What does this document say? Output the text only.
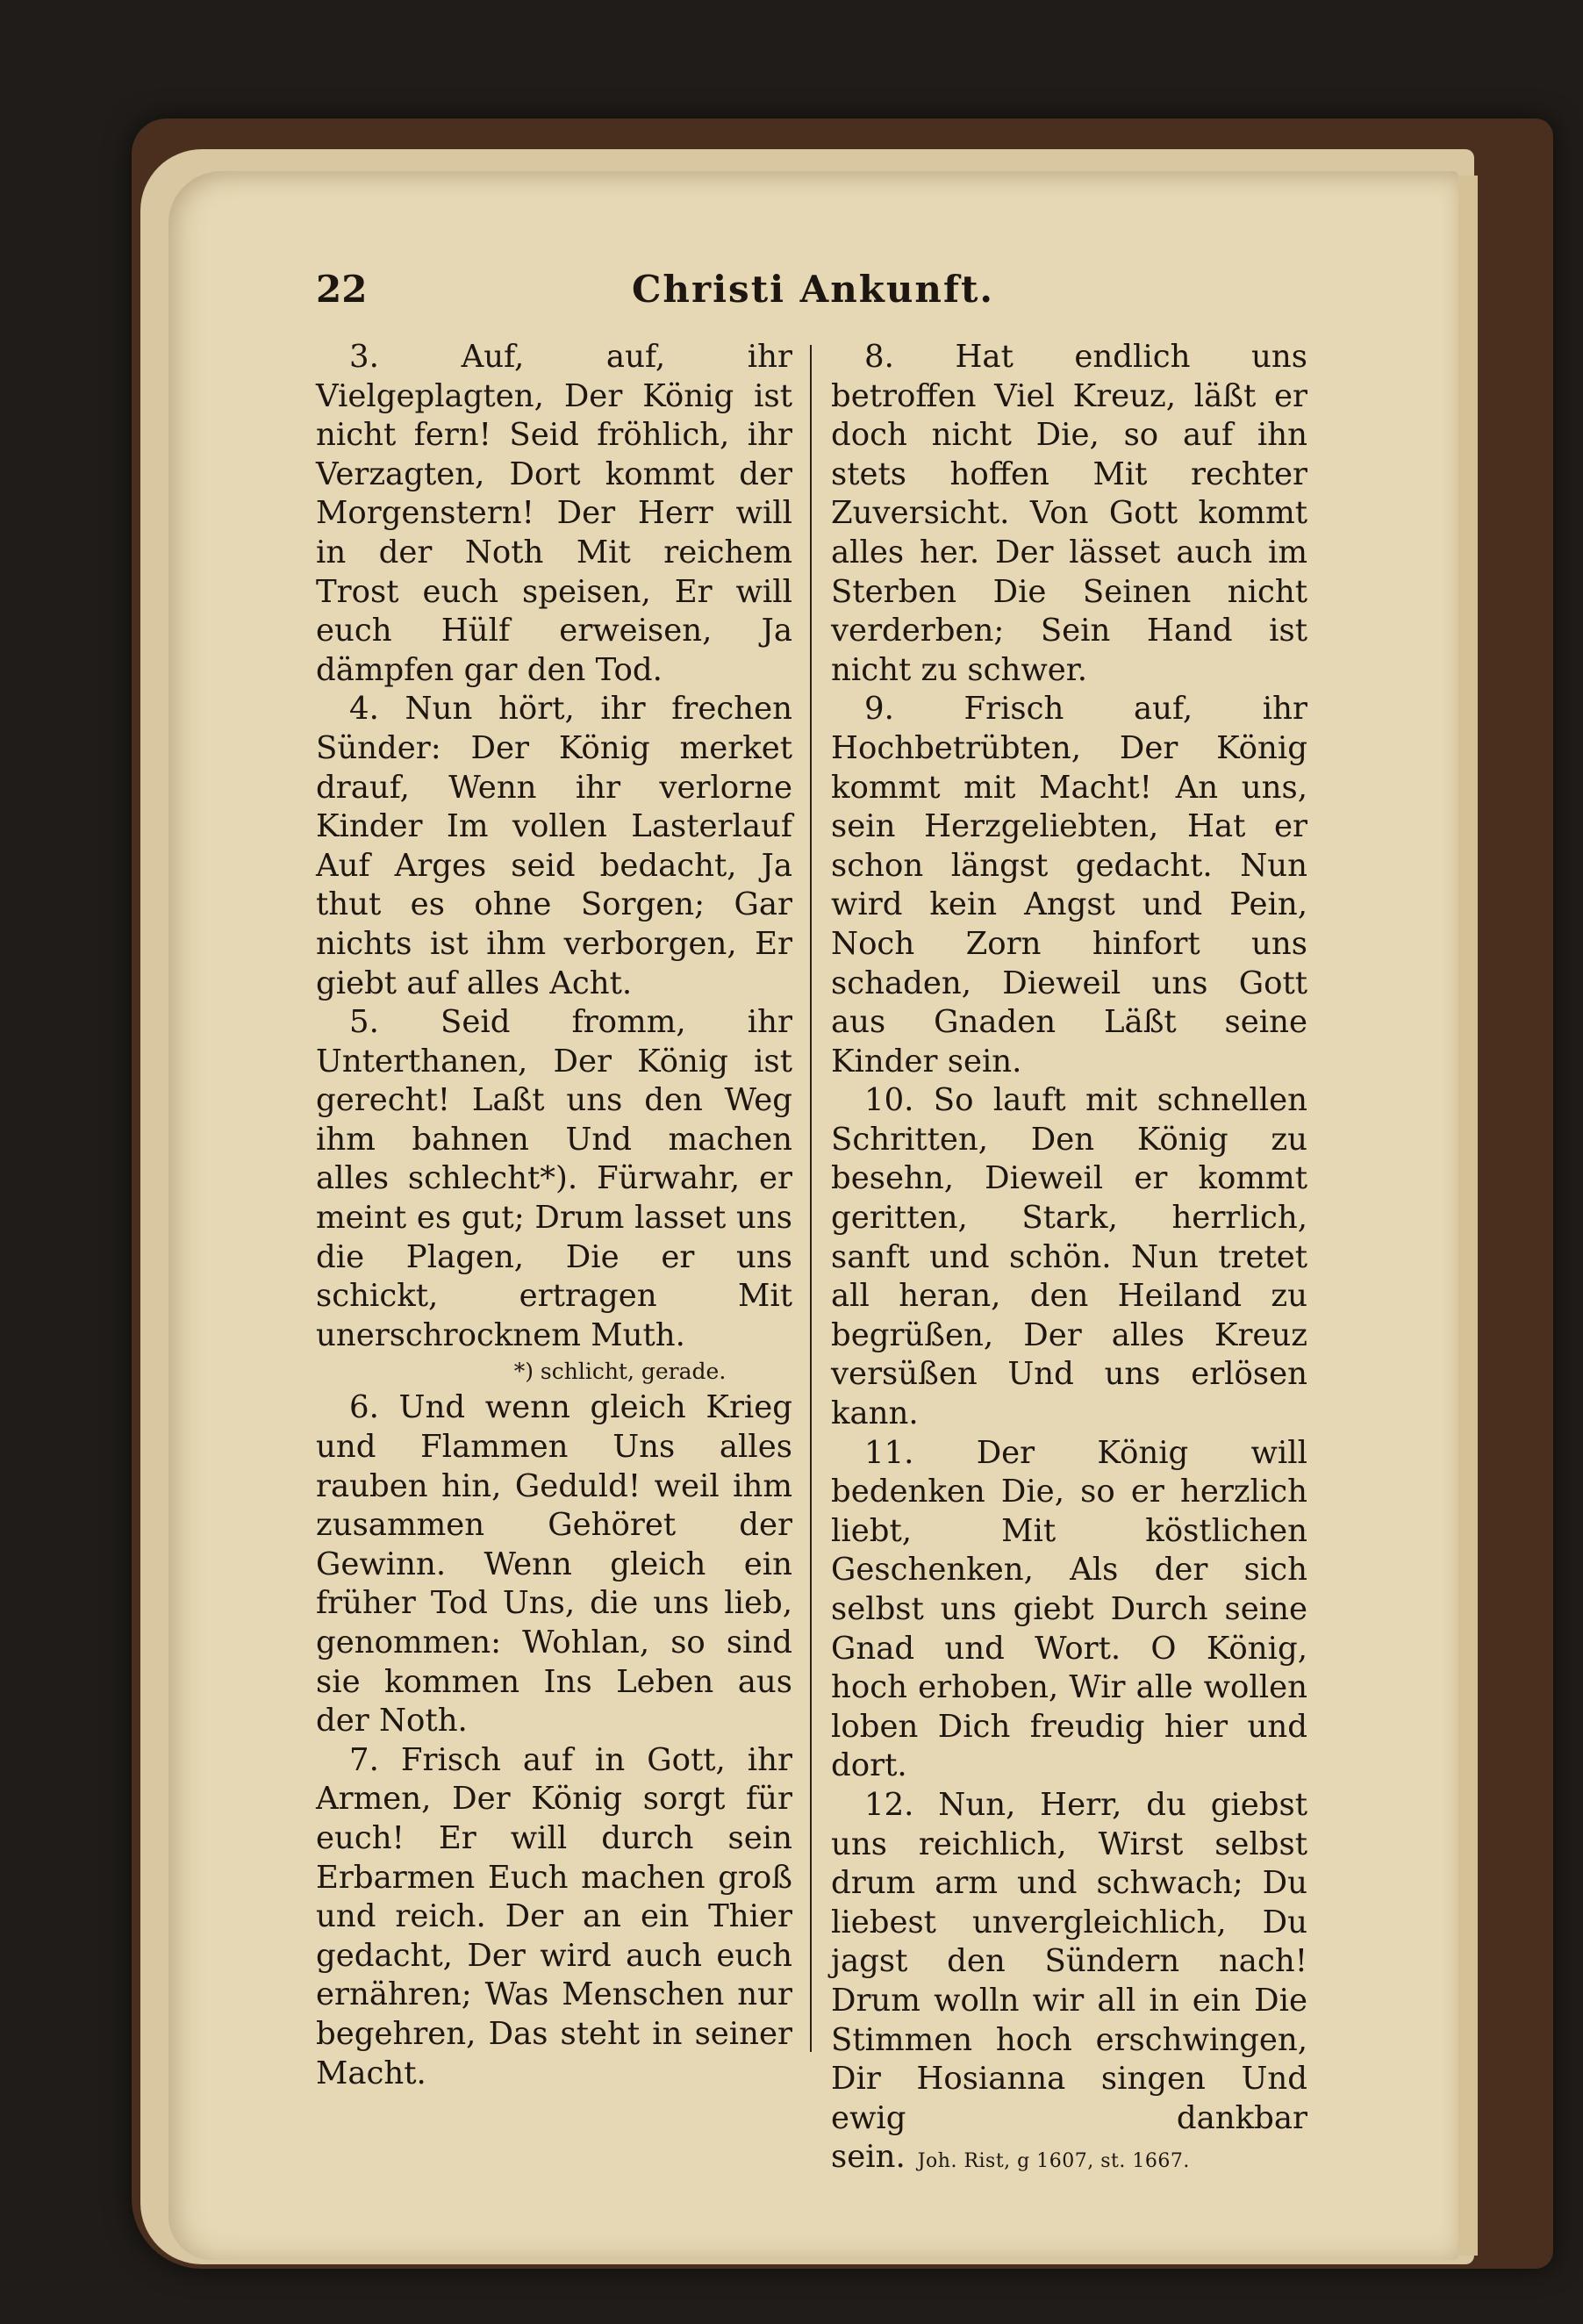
22	Christi Ankunft.

3. Auf, auf, ihr Vielgeplagten, Der König ist nicht fern! Seid fröhlich, ihr Verzagten, Dort kommt der Morgenstern! Der Herr will in der Noth Mit reichem Trost euch speisen, Er will euch Hülf erweisen, Ja dämpfen gar den Tod.

4. Nun hört, ihr frechen Sünder: Der König merket drauf, Wenn ihr verlorne Kinder Im vollen Lasterlauf Auf Arges seid bedacht, Ja thut es ohne Sorgen; Gar nichts ist ihm verborgen, Er giebt auf alles Acht.

5. Seid fromm, ihr Unterthanen, Der König ist gerecht! Laßt uns den Weg ihm bahnen Und machen alles schlecht*). Fürwahr, er meint es gut; Drum lasset uns die Plagen, Die er uns schickt, ertragen Mit unerschrocknem Muth.

*) schlicht, gerade.

6. Und wenn gleich Krieg und Flammen Uns alles rauben hin, Geduld! weil ihm zusammen Gehöret der Gewinn. Wenn gleich ein früher Tod Uns, die uns lieb, genommen: Wohlan, so sind sie kommen Ins Leben aus der Noth.

7. Frisch auf in Gott, ihr Armen, Der König sorgt für euch! Er will durch sein Erbarmen Euch machen groß und reich. Der an ein Thier gedacht, Der wird auch euch ernähren; Was Menschen nur begehren, Das steht in seiner Macht.

8. Hat endlich uns betroffen Viel Kreuz, läßt er doch nicht Die, so auf ihn stets hoffen Mit rechter Zuversicht. Von Gott kommt alles her. Der lässet auch im Sterben Die Seinen nicht verderben; Sein Hand ist nicht zu schwer.

9. Frisch auf, ihr Hochbetrübten, Der König kommt mit Macht! An uns, sein Herzgeliebten, Hat er schon längst gedacht. Nun wird kein Angst und Pein, Noch Zorn hinfort uns schaden, Dieweil uns Gott aus Gnaden Läßt seine Kinder sein.

10. So lauft mit schnellen Schritten, Den König zu besehn, Dieweil er kommt geritten, Stark, herrlich, sanft und schön. Nun tretet all heran, den Heiland zu begrüßen, Der alles Kreuz versüßen Und uns erlösen kann.

11. Der König will bedenken Die, so er herzlich liebt, Mit köstlichen Geschenken, Als der sich selbst uns giebt Durch seine Gnad und Wort. O König, hoch erhoben, Wir alle wollen loben Dich freudig hier und dort.

12. Nun, Herr, du giebst uns reichlich, Wirst selbst drum arm und schwach; Du liebest unvergleichlich, Du jagst den Sündern nach! Drum wolln wir all in ein Die Stimmen hoch erschwingen, Dir Hosianna singen Und ewig dankbar sein. Joh. Rist, g 1607, st. 1667.
